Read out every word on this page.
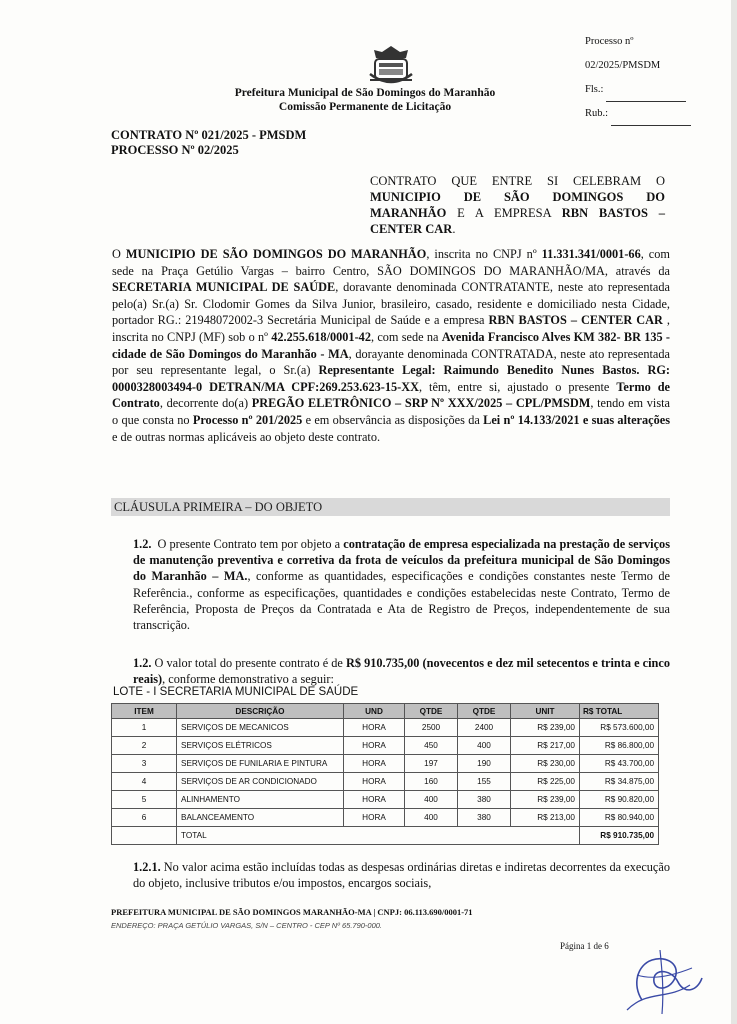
Processo nº 02/2025/PMSDM
Fls.:
Rub.:
Prefeitura Municipal de São Domingos do Maranhão
Comissão Permanente de Licitação
CONTRATO Nº 021/2025 - PMSDM
PROCESSO Nº 02/2025
CONTRATO QUE ENTRE SI CELEBRAM O MUNICIPIO DE SÃO DOMINGOS DO MARANHÃO E A EMPRESA RBN BASTOS – CENTER CAR.
O MUNICIPIO DE SÃO DOMINGOS DO MARANHÃO, inscrita no CNPJ nº 11.331.341/0001-66, com sede na Praça Getúlio Vargas – bairro Centro, SÃO DOMINGOS DO MARANHÃO/MA, através da SECRETARIA MUNICIPAL DE SAÚDE, doravante denominada CONTRATANTE, neste ato representada pelo(a) Sr.(a) Sr. Clodomir Gomes da Silva Junior, brasileiro, casado, residente e domiciliado nesta Cidade, portador RG.: 21948072002-3 Secretária Municipal de Saúde e a empresa RBN BASTOS – CENTER CAR , inscrita no CNPJ (MF) sob o nº 42.255.618/0001-42, com sede na Avenida Francisco Alves KM 382- BR 135 -cidade de São Domingos do Maranhão - MA, dorayante denominada CONTRATADA, neste ato representada por seu representante legal, o Sr.(a) Representante Legal: Raimundo Benedito Nunes Bastos. RG: 0000328003494-0 DETRAN/MA CPF:269.253.623-15-XX, têm, entre si, ajustado o presente Termo de Contrato, decorrente do(a) PREGÃO ELETRÔNICO – SRP Nº XXX/2025 – CPL/PMSDM, tendo em vista o que consta no Processo nº 201/2025 e em observância as disposições da Lei nº 14.133/2021 e suas alterações e de outras normas aplicáveis ao objeto deste contrato.
CLÁUSULA PRIMEIRA – DO OBJETO
1.2. O presente Contrato tem por objeto a contratação de empresa especializada na prestação de serviços de manutenção preventiva e corretiva da frota de veículos da prefeitura municipal de São Domingos do Maranhão – MA., conforme as quantidades, especificações e condições constantes neste Termo de Referência., conforme as especificações, quantidades e condições estabelecidas neste Contrato, Termo de Referência, Proposta de Preços da Contratada e Ata de Registro de Preços, independentemente de sua transcrição.
1.2. O valor total do presente contrato é de R$ 910.735,00 (novecentos e dez mil setecentos e trinta e cinco reais), conforme demonstrativo a seguir:
LOTE - I SECRETARIA MUNICIPAL DE SAÚDE
ITEM	DESCRIÇÃO	UND	QTDE	QTDE	UNIT	R$ TOTAL
1	SERVIÇOS DE MECANICOS	HORA	2500	2400	R$ 239,00	R$ 573.600,00
2	SERVIÇOS ELÉTRICOS	HORA	450	400	R$ 217,00	R$ 86.800,00
3	SERVIÇOS DE FUNILARIA E PINTURA	HORA	197	190	R$ 230,00	R$ 43.700,00
4	SERVIÇOS DE AR CONDICIONADO	HORA	160	155	R$ 225,00	R$ 34.875,00
5	ALINHAMENTO	HORA	400	380	R$ 239,00	R$ 90.820,00
6	BALANCEAMENTO	HORA	400	380	R$ 213,00	R$ 80.940,00
	TOTAL					R$ 910.735,00
1.2.1. No valor acima estão incluídas todas as despesas ordinárias diretas e indiretas decorrentes da execução do objeto, inclusive tributos e/ou impostos, encargos sociais,
PREFEITURA MUNICIPAL DE SÃO DOMINGOS MARANHÃO-MA | CNPJ: 06.113.690/0001-71
ENDEREÇO: PRAÇA GETÚLIO VARGAS, S/N – CENTRO - CEP Nº 65.790-000.
Página 1 de 6
